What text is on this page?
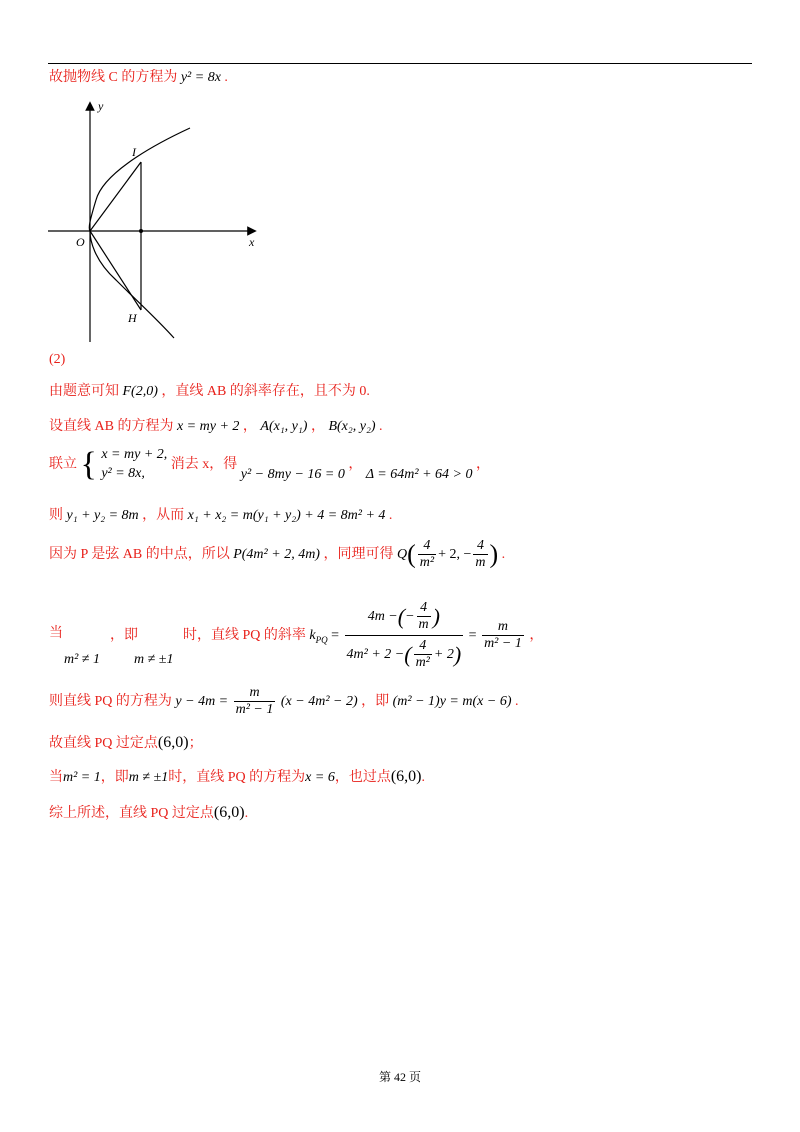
故抛物线 C 的方程为 y² = 8x .
y
x
O
I
H
(2)
由题意可知 F(2,0) ，直线 AB 的斜率存在，且不为 0.
设直线 AB 的方程为 x = my + 2 ， A(x₁, y₁) ， B(x₂, y₂) .
联立 { x = my + 2,
y² = 8x,
消去 x，得 y² − 8my − 16 = 0 ， Δ = 64m² + 64 > 0 ，
则 y₁ + y₂ = 8m ，从而 x₁ + x₂ = m(y₁ + y₂) + 4 = 8m² + 4 .
因为 P 是弦 AB 的中点，所以 P(4m² + 2, 4m) ，同理可得 $Q( \frac{4}{\text{m²}} + 2$, − $\frac{4}{m}$ ) .
当	，即	时，直线 PQ 的斜率 $k_{PQ} = \frac{4m -(- \frac{4}{m} )}{4m^2 + 2 -( \frac{4}{\text{m²}} + 2)} = \frac{m}{\text{m² − 1}}$ ，
m² ≠ 1 m ≠ ±1
则直线 PQ 的方程为 $y - 4m = \frac{m}{\text{m² − 1}} (x - 4m^2 - 2)$ ，即 (m² − 1)y = m(x − 6) .
故直线 PQ 过定点(6,0)；
当m² = 1，即m ≠ ±1时，直线 PQ 的方程为x = 6，也过点(6,0).
综上所述，直线 PQ 过定点(6,0).
第 42 页
